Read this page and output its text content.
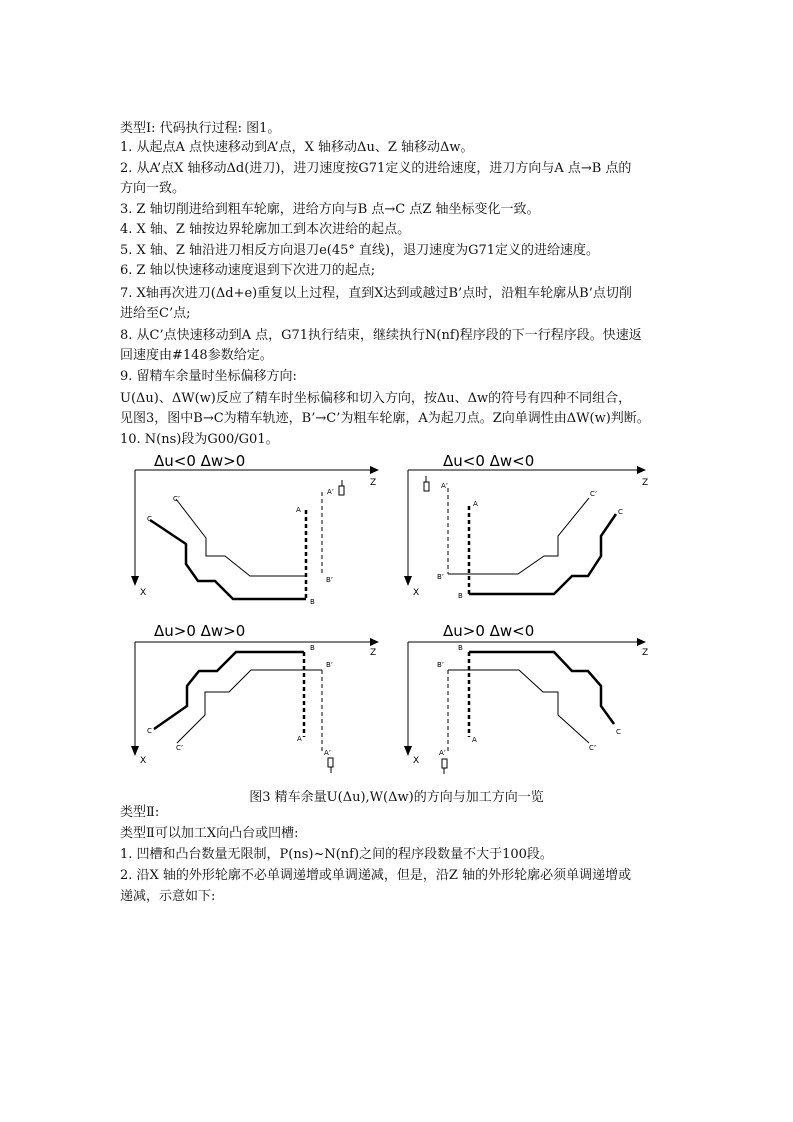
类型Ⅰ: 代码执行过程: 图1。
1. 从起点A 点快速移动到A’点，X 轴移动Δu、Z 轴移动Δw。
2. 从A’点X 轴移动Δd(进刀)，进刀速度按G71定义的进给速度，进刀方向与A 点→B 点的
方向一致。
3. Z 轴切削进给到粗车轮廓，进给方向与B 点→C 点Z 轴坐标变化一致。
4. X 轴、Z 轴按边界轮廓加工到本次进给的起点。
5. X 轴、Z 轴沿进刀相反方向退刀e(45° 直线)，退刀速度为G71定义的进给速度。
6. Z 轴以快速移动速度退到下次进刀的起点;
7. X轴再次进刀(Δd+e)重复以上过程，直到X达到或越过B’点时，沿粗车轮廓从B’点切削
进给至C’点;
8. 从C’点快速移动到A 点，G71执行结束，继续执行N(nf)程序段的下一行程序段。快速返
回速度由#148参数给定。
9. 留精车余量时坐标偏移方向:
U(Δu)、ΔW(w)反应了精车时坐标偏移和切入方向，按Δu、Δw的符号有四种不同组合，
见图3，图中B→C为精车轨迹，B’→C’为粗车轮廓，A为起刀点。Z向单调性由ΔW(w)判断。
10. N(ns)段为G00/G01。
Δu<0 Δw>0	Δu<0 Δw<0
Δu>0 Δw>0	Δu>0 Δw<0
Z
X
Z
X
Z
X
Z
X
A
A’
B
B’
C
C’
A
A’
B
B’
C
C’
A
A’
B
B’
C
C’
A
A’
B
B’
C
C’
图3 精车余量U(Δu),W(Δw)的方向与加工方向一览
类型Ⅱ:
类型Ⅱ可以加工X向凸台或凹槽:
1. 凹槽和凸台数量无限制，P(ns)~N(nf)之间的程序段数量不大于100段。
2. 沿X 轴的外形轮廓不必单调递增或单调递减，但是，沿Z 轴的外形轮廓必须单调递增或
递减，示意如下:
